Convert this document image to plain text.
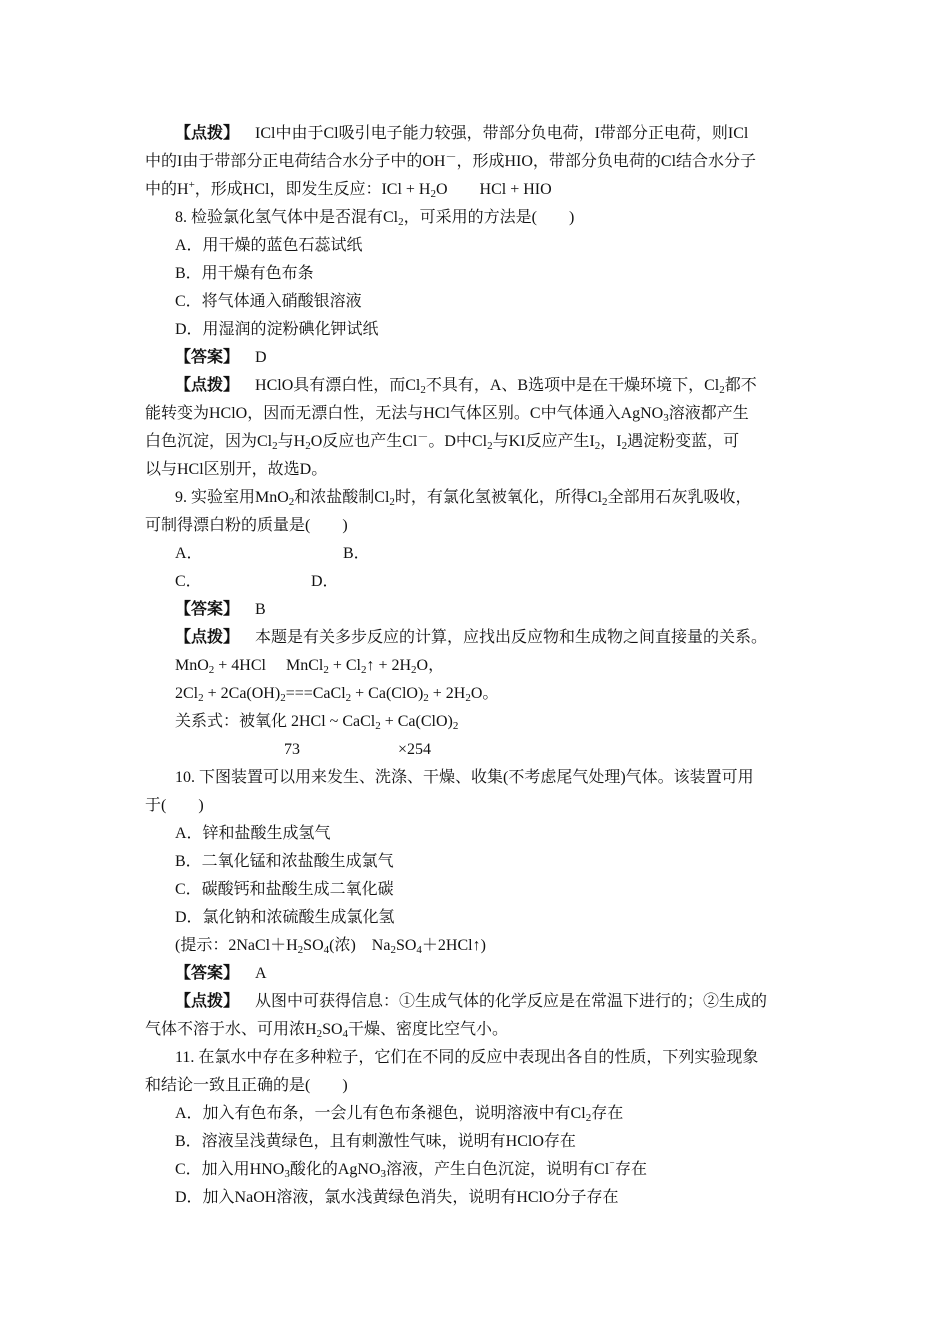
【点拨】 ICl中由于Cl吸引电子能力较强，带部分负电荷，I带部分正电荷，则ICl
中的I由于带部分正电荷结合水分子中的OH－，形成HIO，带部分负电荷的Cl结合水分子
中的H+，形成HCl，即发生反应：ICl + $H_2O$        HCl + HIO
8. 检验氯化氢气体中是否混有$Cl_2$，可采用的方法是(        )
A．用干燥的蓝色石蕊试纸
B．用干燥有色布条
C．将气体通入硝酸银溶液
D．用湿润的淀粉碘化钾试纸
【答案】 D
【点拨】 HClO具有漂白性，而$Cl_2$不具有，A、B选项中是在干燥环境下，$Cl_2$都不
能转变为HClO，因而无漂白性，无法与HCl气体区别。C中气体通入AgNO$_3$溶液都产生
白色沉淀，因为$Cl_2$与$H_2O$反应也产生Cl－。D中$Cl_2$与KI反应产生$I_2$，$I_2$遇淀粉变蓝，可
以与HCl区别开，故选D。
9. 实验室用MnO$_2$和浓盐酸制$Cl_2$时，有氯化氢被氧化，所得$Cl_2$全部用石灰乳吸收，
可制得漂白粉的质量是(        )
A．	B．
C．	D．
【答案】 B
【点拨】 本题是有关多步反应的计算，应找出反应物和生成物之间直接量的关系。
MnO$_2$ + 4HCl     MnCl$_2$ + $Cl_2↑ + 2H_2O$，
$2Cl_2$ + $2Ca(OH)_2===CaCl_2 + Ca(ClO)_2 + 2H_2O$。
关系式：被氧化 2HCl ~ CaCl$_2$ + $Ca(ClO)_2$
73	×254
10. 下图装置可以用来发生、洗涤、干燥、收集(不考虑尾气处理)气体。该装置可用
于(        )
A．锌和盐酸生成氢气
B．二氧化锰和浓盐酸生成氯气
C．碳酸钙和盐酸生成二氧化碳
D．氯化钠和浓硫酸生成氯化氢
(提示：$2NaCl+H_2SO_4$(浓)    $Na_2SO_4+2HCl↑$)
【答案】 A
【点拨】 从图中可获得信息：①生成气体的化学反应是在常温下进行的；②生成的
气体不溶于水、可用浓$H_2SO_4$干燥、密度比空气小。
11. 在氯水中存在多种粒子，它们在不同的反应中表现出各自的性质，下列实验现象
和结论一致且正确的是(        )
A．加入有色布条，一会儿有色布条褪色，说明溶液中有$Cl_2$存在
B．溶液呈浅黄绿色，且有刺激性气味，说明有HClO存在
C．加入用$HNO_3$酸化的AgNO$_3$溶液，产生白色沉淀，说明有Cl⁻存在
D．加入NaOH溶液，氯水浅黄绿色消失，说明有HClO分子存在
